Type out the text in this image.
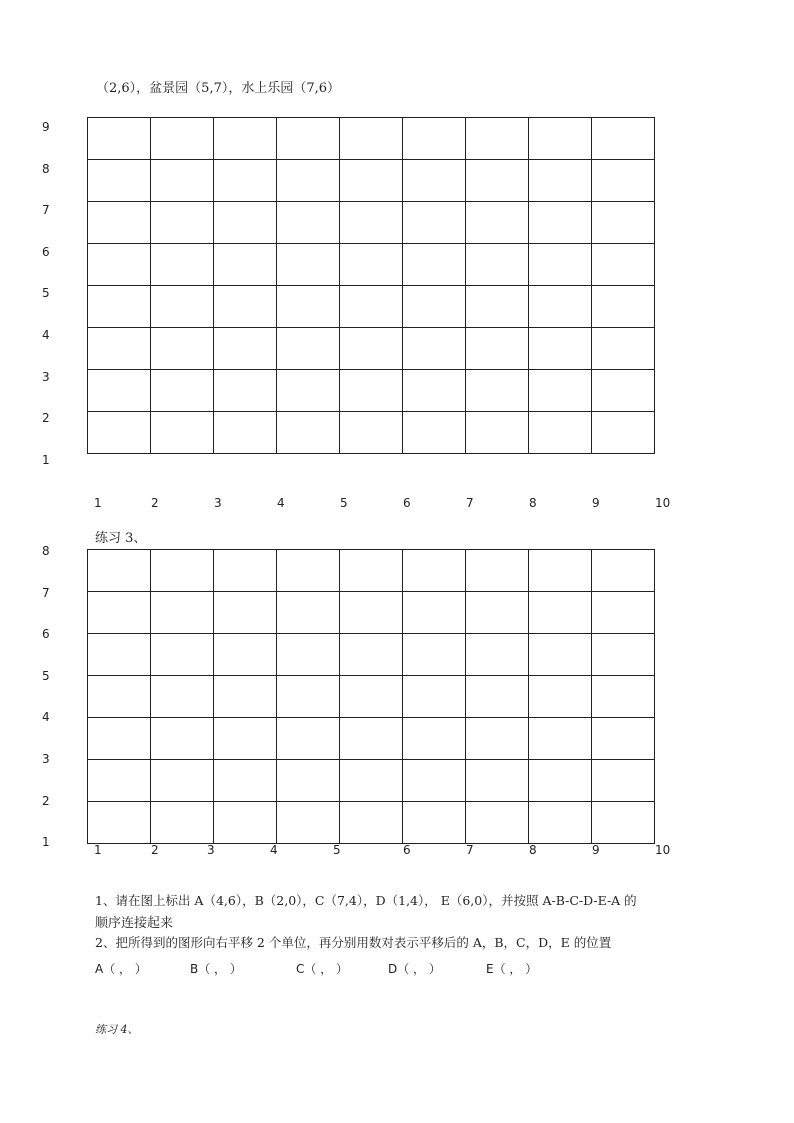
（2,6），盆景园（5,7），水上乐园（7,6）
9
8
7
6
5
4
3
2
1

1	2	3	4	5	6	7	8	9	10
练习 3、
8
7
6
5
4
3
2
1

1	2	3	4	5	6	7	8	9	10
1、请在图上标出 A（4,6），B（2,0），C（7,4），D（1,4）， E（6,0），并按照 A-B-C-D-E-A 的
顺序连接起来
2、把所得到的图形向右平移 2 个单位，再分别用数对表示平移后的 A，B，C，D，E 的位置
A（ ， ）	B（ ， ）	C（ ， ）	D（ ， ）	E（ ， ）
练习 4、
